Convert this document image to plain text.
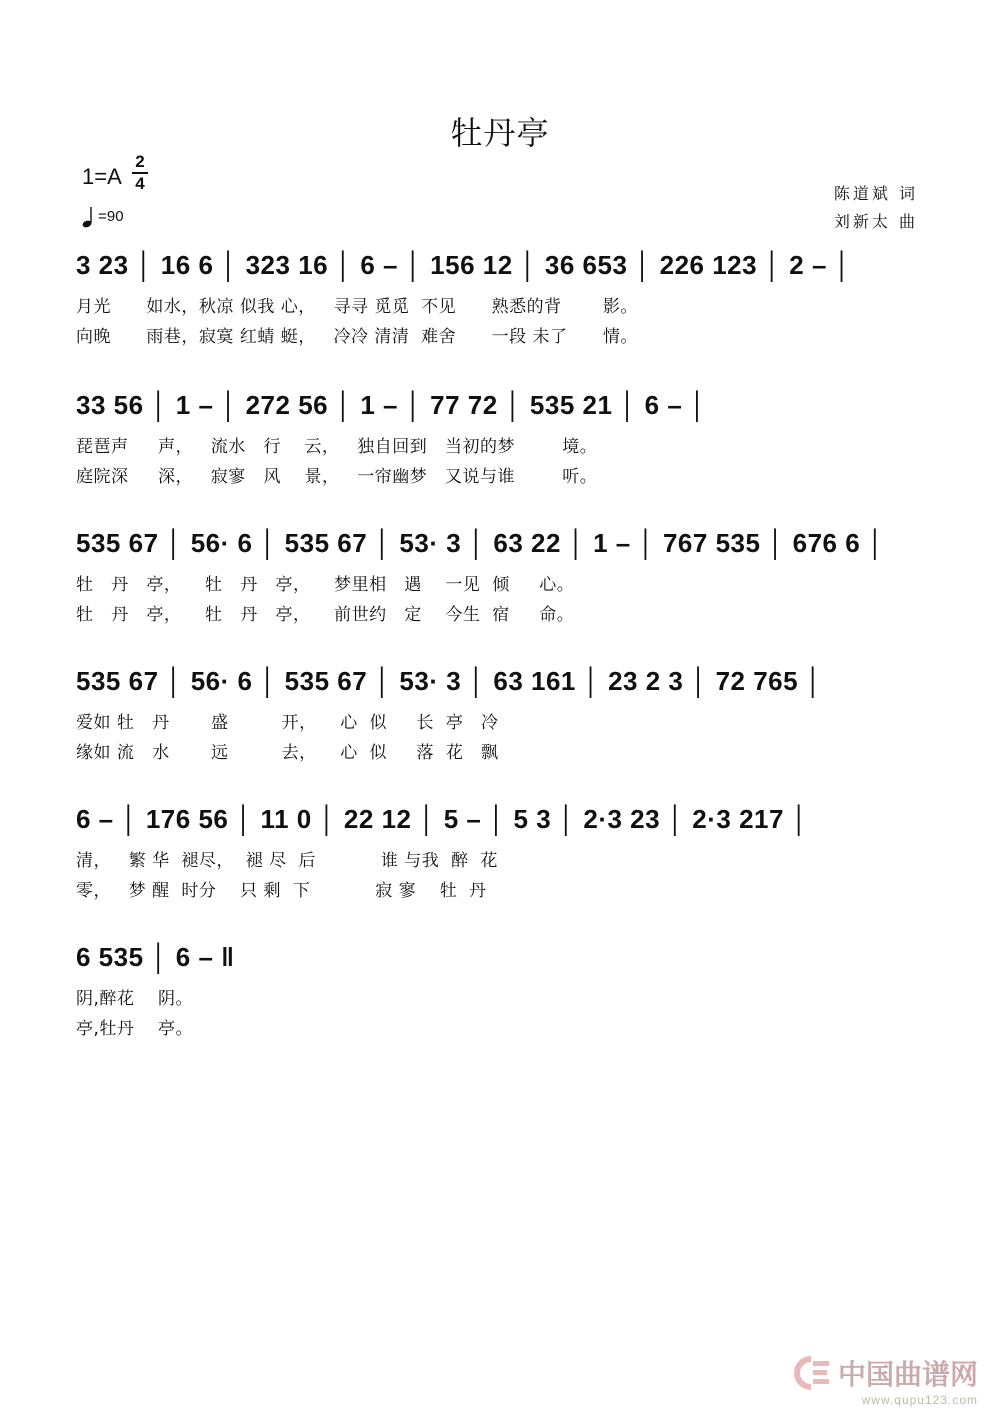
牡丹亭
1=A
2
4
=90
陈道斌 词
刘新太 曲
3 23 │ 16 6 │ 323 16 │ 6 – │ 156 12 │ 36 653 │ 226 123 │ 2 – │
月光      如水，秋凉 似我 心，   寻寻 觅觅  不见      熟悉的背       影。
向晚      雨巷，寂寞 红蜻 蜓，   冷冷 清清  难舍      一段 未了      情。
33 56 │ 1 – │ 272 56 │ 1 – │ 77 72 │ 535 21 │ 6 – │
琵琶声     声，   流水   行    云，   独自回到   当初的梦        境。
庭院深     深，   寂寥   风    景，   一帘幽梦   又说与谁        听。
535 67 │ 56· 6 │ 535 67 │ 53· 3 │ 63 22 │ 1 – │ 767 535 │ 676 6 │
牡   丹   亭，    牡   丹   亭，    梦里相   遇    一见  倾     心。
牡   丹   亭，    牡   丹   亭，    前世约   定    今生  宿     命。
535 67 │ 56· 6 │ 535 67 │ 53· 3 │ 63 161 │ 23 2 3 │ 72 765 │
爱如 牡   丹       盛         开，    心  似     长  亭   冷
缘如 流   水       远         去，    心  似     落  花   飘
6 – │ 176 56 │ 11 0 │ 22 12 │ 5 – │ 5 3 │ 2·3 23 │ 2·3 217 │
清，   繁 华  褪尽，  褪 尽  后           谁 与我  醉  花
零，   梦 醒  时分    只 剩  下           寂 寥    牡  丹
6 535 │ 6 – ‖
阴,醉花    阴。
亭,牡丹    亭。
中国曲谱网
www.qupu123.com
